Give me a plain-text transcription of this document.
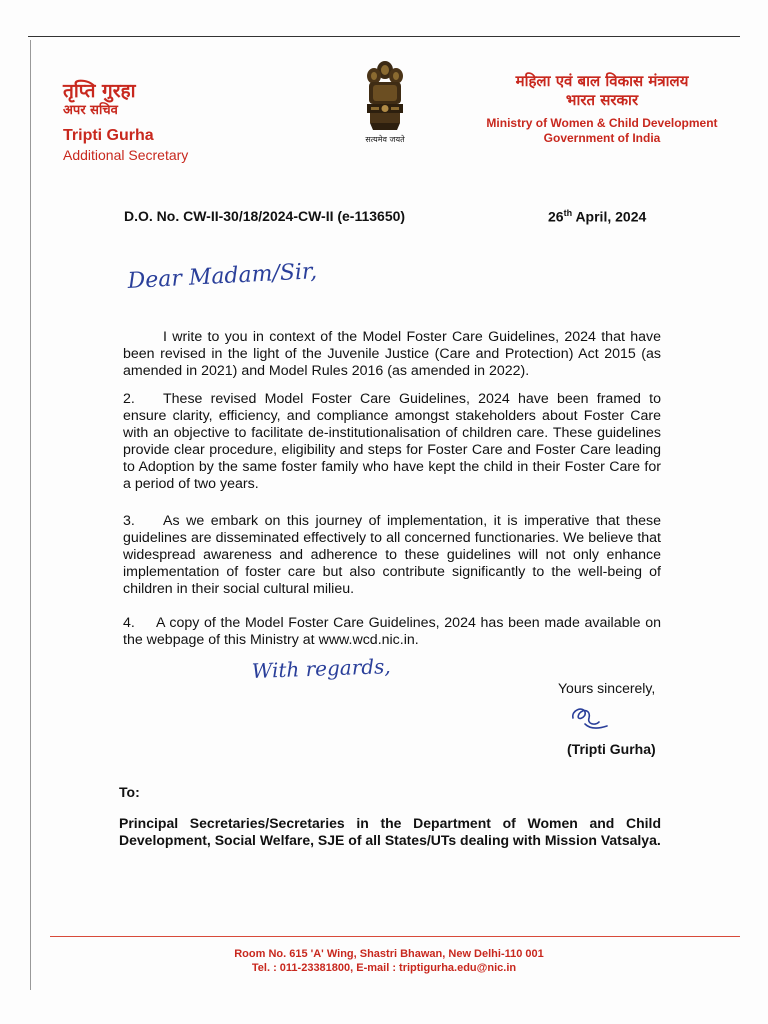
तृप्ति गुरहा
अपर सचिव
Tripti Gurha
Additional Secretary
सत्यमेव जयते
महिला एवं बाल विकास मंत्रालय
भारत सरकार
Ministry of Women & Child Development
Government of India
D.O. No. CW-II-30/18/2024-CW-II (e-113650)	26th April, 2024
Dear Madam/Sir,
I write to you in context of the Model Foster Care Guidelines, 2024 that have been revised in the light of the Juvenile Justice (Care and Protection) Act 2015 (as amended in 2021) and Model Rules 2016 (as amended in 2022).
2. These revised Model Foster Care Guidelines, 2024 have been framed to ensure clarity, efficiency, and compliance amongst stakeholders about Foster Care with an objective to facilitate de-institutionalisation of children care. These guidelines provide clear procedure, eligibility and steps for Foster Care and Foster Care leading to Adoption by the same foster family who have kept the child in their Foster Care for a period of two years.
3. As we embark on this journey of implementation, it is imperative that these guidelines are disseminated effectively to all concerned functionaries. We believe that widespread awareness and adherence to these guidelines will not only enhance implementation of foster care but also contribute significantly to the well-being of children in their social cultural milieu.
4. A copy of the Model Foster Care Guidelines, 2024 has been made available on the webpage of this Ministry at www.wcd.nic.in.
With regards,
Yours sincerely,
(Tripti Gurha)
To:
Principal Secretaries/Secretaries in the Department of Women and Child Development, Social Welfare, SJE of all States/UTs dealing with Mission Vatsalya.
Room No. 615 'A' Wing, Shastri Bhawan, New Delhi-110 001
Tel. : 011-23381800, E-mail : triptigurha.edu@nic.in
